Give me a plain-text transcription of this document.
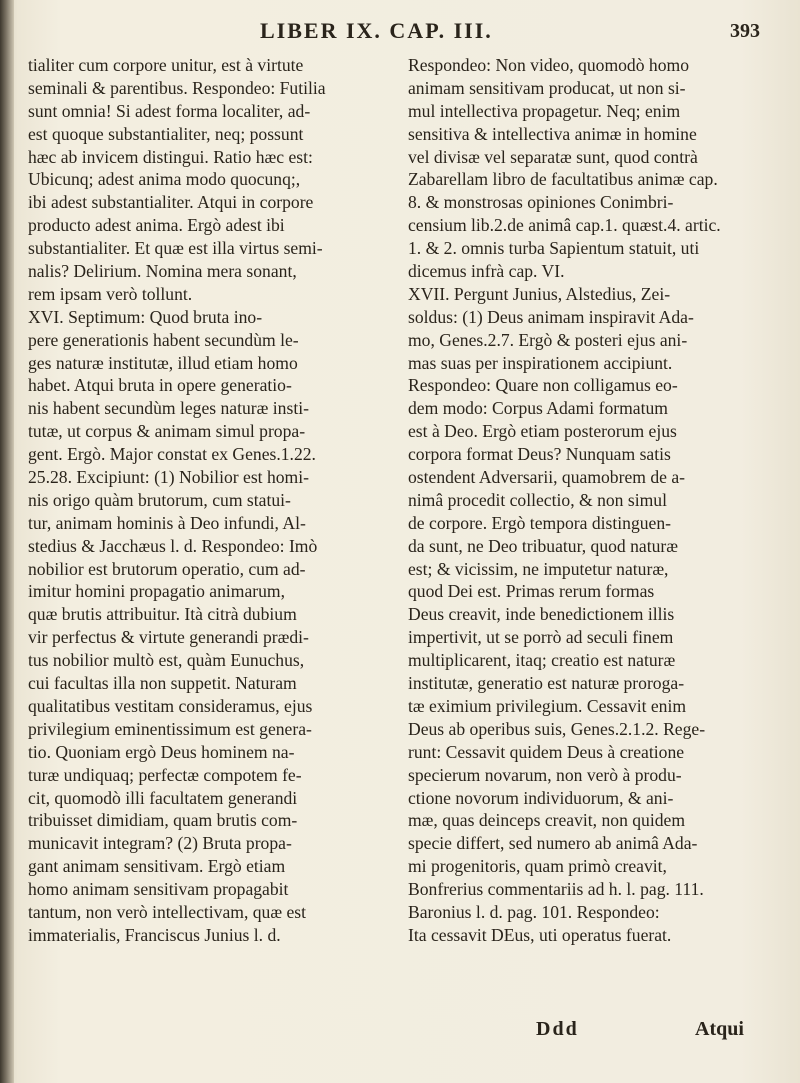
LIBER IX. CAP. III.	393
tialiter cum corpore unitur, est à virtute
seminali & parentibus. Respondeo: Futilia
sunt omnia! Si adest forma localiter, ad-
est quoque substantialiter, neq; possunt
hæc ab invicem distingui. Ratio hæc est:
Ubicunq; adest anima modo quocunq;,
ibi adest substantialiter. Atqui in corpore
producto adest anima. Ergò adest ibi
substantialiter. Et quæ est illa virtus semi-
nalis? Delirium. Nomina mera sonant,
rem ipsam verò tollunt.
XVI. Septimum: Quod bruta ino-
pere generationis habent secundùm le-
ges naturæ institutæ, illud etiam homo
habet. Atqui bruta in opere generatio-
nis habent secundùm leges naturæ insti-
tutæ, ut corpus & animam simul propa-
gent. Ergò. Major constat ex Genes.1.22.
25.28. Excipiunt: (1) Nobilior est homi-
nis origo quàm brutorum, cum statui-
tur, animam hominis à Deo infundi, Al-
stedius & Jacchæus l. d. Respondeo: Imò
nobilior est brutorum operatio, cum ad-
imitur homini propagatio animarum,
quæ brutis attribuitur. Ità citrà dubium
vir perfectus & virtute generandi prædi-
tus nobilior multò est, quàm Eunuchus,
cui facultas illa non suppetit. Naturam
qualitatibus vestitam consideramus, ejus
privilegium eminentissimum est genera-
tio. Quoniam ergò Deus hominem na-
turæ undiquaq; perfectæ compotem fe-
cit, quomodò illi facultatem generandi
tribuisset dimidiam, quam brutis com-
municavit integram? (2) Bruta propa-
gant animam sensitivam. Ergò etiam
homo animam sensitivam propagabit
tantum, non verò intellectivam, quæ est
immaterialis, Franciscus Junius l. d.
Respondeo: Non video, quomodò homo
animam sensitivam producat, ut non si-
mul intellectiva propagetur. Neq; enim
sensitiva & intellectiva animæ in homine
vel divisæ vel separatæ sunt, quod contrà
Zabarellam libro de facultatibus animæ cap.
8. & monstrosas opiniones Conimbri-
censium lib.2.de animâ cap.1. quæst.4. artic.
1. & 2. omnis turba Sapientum statuit, uti
dicemus infrà cap. VI.
XVII. Pergunt Junius, Alstedius, Zei-
soldus: (1) Deus animam inspiravit Ada-
mo, Genes.2.7. Ergò & posteri ejus ani-
mas suas per inspirationem accipiunt.
Respondeo: Quare non colligamus eo-
dem modo: Corpus Adami formatum
est à Deo. Ergò etiam posterorum ejus
corpora format Deus? Nunquam satis
ostendent Adversarii, quamobrem de a-
nimâ procedit collectio, & non simul
de corpore. Ergò tempora distinguen-
da sunt, ne Deo tribuatur, quod naturæ
est; & vicissim, ne imputetur naturæ,
quod Dei est. Primas rerum formas
Deus creavit, inde benedictionem illis
impertivit, ut se porrò ad seculi finem
multiplicarent, itaq; creatio est naturæ
institutæ, generatio est naturæ proroga-
tæ eximium privilegium. Cessavit enim
Deus ab operibus suis, Genes.2.1.2. Rege-
runt: Cessavit quidem Deus à creatione
specierum novarum, non verò à produ-
ctione novorum individuorum, & ani-
mæ, quas deinceps creavit, non quidem
specie differt, sed numero ab animâ Ada-
mi progenitoris, quam primò creavit,
Bonfrerius commentariis ad h. l. pag. 111.
Baronius l. d. pag. 101. Respondeo:
Ita cessavit DEus, uti operatus fuerat.
Ddd	Atqui
